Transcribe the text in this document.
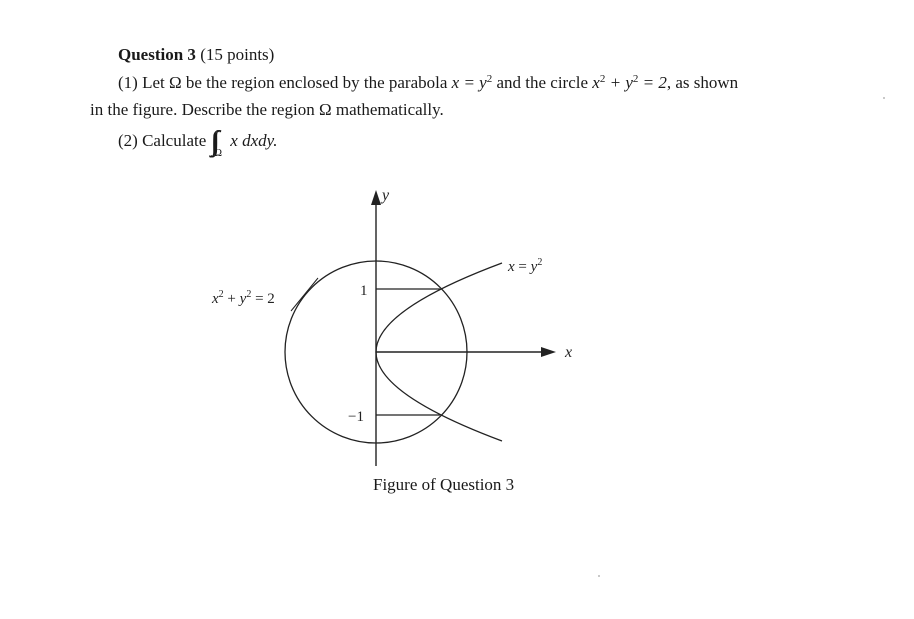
Question 3 (15 points)
(1) Let Ω be the region enclosed by the parabola $x = y^2$ and the circle $x^2 + y^2 = 2$, as shown
in the figure. Describe the region Ω mathematically.
(2) Calculate $\int\int_\Omega$ x dxdy.
y
x
1
−1
$x = y^2$
$x^2 + y^2 = 2$
Figure of Question 3
